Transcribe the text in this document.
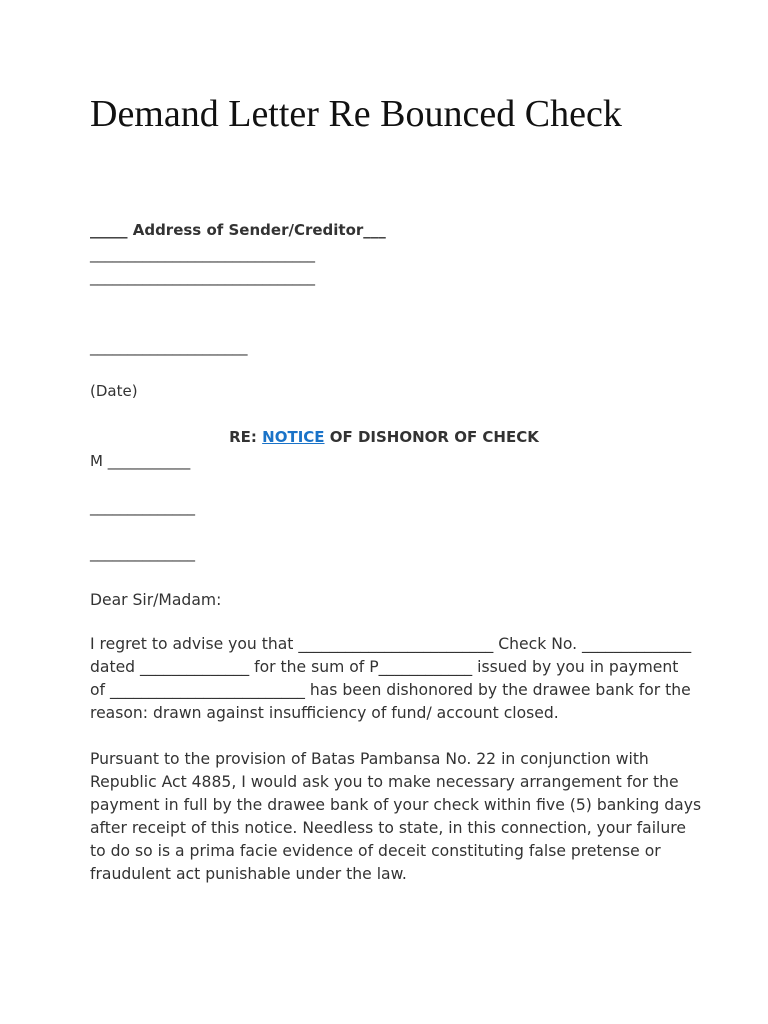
Demand Letter Re Bounced Check

_____ Address of Sender/Creditor___

______________________________

______________________________

_____________________

(Date)

RE: NOTICE OF DISHONOR OF CHECK

M ___________

______________

______________

Dear Sir/Madam:

I regret to advise you that _________________________ Check No. ______________
dated ______________ for the sum of P____________ issued by you in payment
of _________________________ has been dishonored by the drawee bank for the
reason: drawn against insufficiency of fund/ account closed.
Pursuant to the provision of Batas Pambansa No. 22 in conjunction with
Republic Act 4885, I would ask you to make necessary arrangement for the
payment in full by the drawee bank of your check within five (5) banking days
after receipt of this notice. Needless to state, in this connection, your failure
to do so is a prima facie evidence of deceit constituting false pretense or
fraudulent act punishable under the law.
